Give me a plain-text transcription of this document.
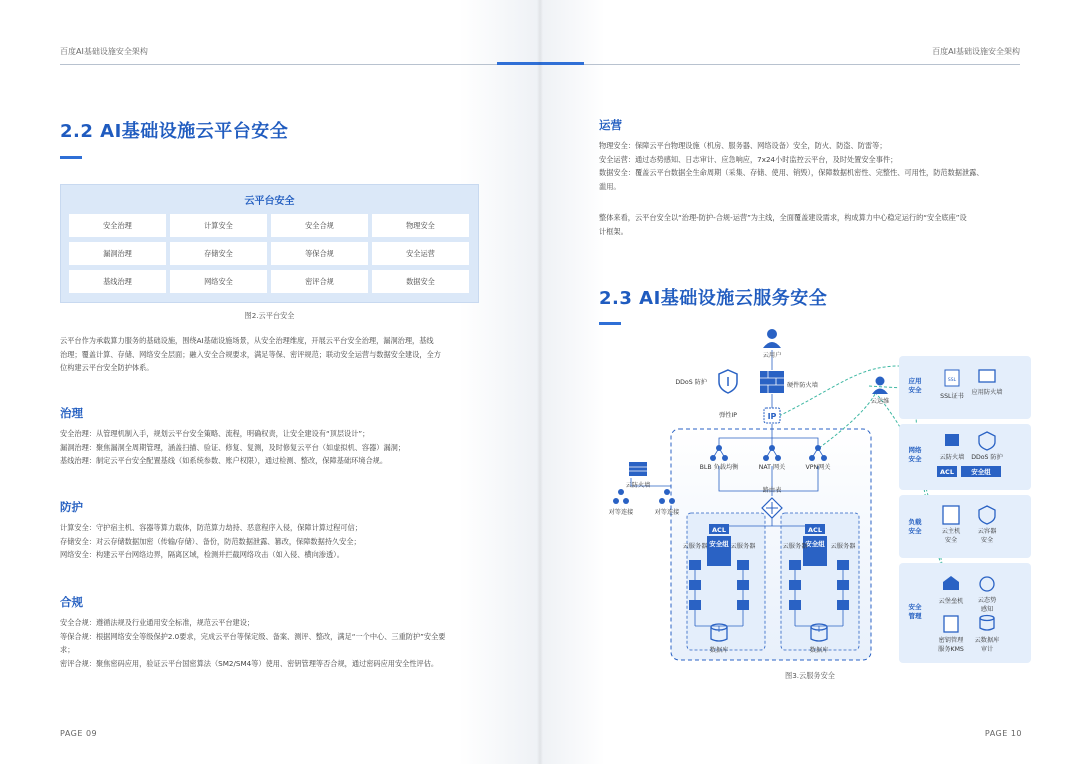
百度AI基础设施安全架构
2.2 AI基础设施云平台安全
云平台安全
安全治理	计算安全	安全合规	物理安全
漏洞治理	存储安全	等保合规	安全运营
基线治理	网络安全	密评合规	数据安全
图2.云平台安全

云平台作为承载算力服务的基础设施，围绕AI基础设施场景，从安全治理维度，开展云平台安全治理，漏洞治理，基线

治理；覆盖计算、存储、网络安全层面；融入安全合规要求，满足等保、密评规范；联动安全运营与数据安全建设，全方

位构建云平台安全防护体系。

治理

安全治理：从管理机制入手，规划云平台安全策略、流程，明确权责，让安全建设有“顶层设计”；

漏洞治理：聚焦漏洞全周期管理，涵盖扫描、验证、修复、复测，及时修复云平台（如虚拟机、容器）漏洞；

基线治理：制定云平台安全配置基线（如系统参数、账户权限），通过检测、整改，保障基础环境合规。

防护

计算安全：守护宿主机、容器等算力载体，防范算力劫持、恶意程序入侵，保障计算过程可信；

存储安全：对云存储数据加密（传输/存储）、备份，防范数据泄露、篡改，保障数据持久安全；

网络安全：构建云平台网络边界，隔离区域，检测并拦截网络攻击（如入侵、横向渗透）。

合规

安全合规：遵循法规及行业通用安全标准，规范云平台建设；

等保合规：根据网络安全等级保护2.0要求，完成云平台等保定级、备案、测评、整改，满足“一个中心、三重防护”安全要

求；

密评合规：聚焦密码应用，验证云平台国密算法（SM2/SM4等）使用、密钥管理等否合规，通过密码应用安全性评估。

PAGE 09
百度AI基础设施安全架构
运营

物理安全：保障云平台物理设施（机房、服务器、网络设备）安全，防火、防盗、防雷等；

安全运营：通过态势感知、日志审计、应急响应，7x24小时监控云平台，及时处置安全事件；

数据安全：覆盖云平台数据全生命周期（采集、存储、使用、销毁），保障数据机密性、完整性、可用性，防范数据泄露、

滥用。

整体来看，云平台安全以“治理-防护-合规-运营”为主线，全面覆盖建设需求，构成算力中心稳定运行的“安全底座”设

计框架。

2.3 AI基础设施云服务安全
图3.云服务安全
PAGE 10
云用户
DDoS 防护	硬件防火墙
弹性IP	IP
云运维
BLB 负载均衡	NAT 网关	VPN网关
云防火墙
对等连接	对等连接
路由表
ACL	ACL
安全组	安全组
云服务器	云服务器	云服务器	云服务器
数据库	数据库
应用
安全
网络
安全
负载
安全
安全
管理
SSL
SSL证书
应用防火墙
云防火墙 DDoS 防护
ACL	安全组
云主机
安全
云容器
安全
云堡垒机 云态势
感知
密钥管理
服务KMS
云数据库
审计
